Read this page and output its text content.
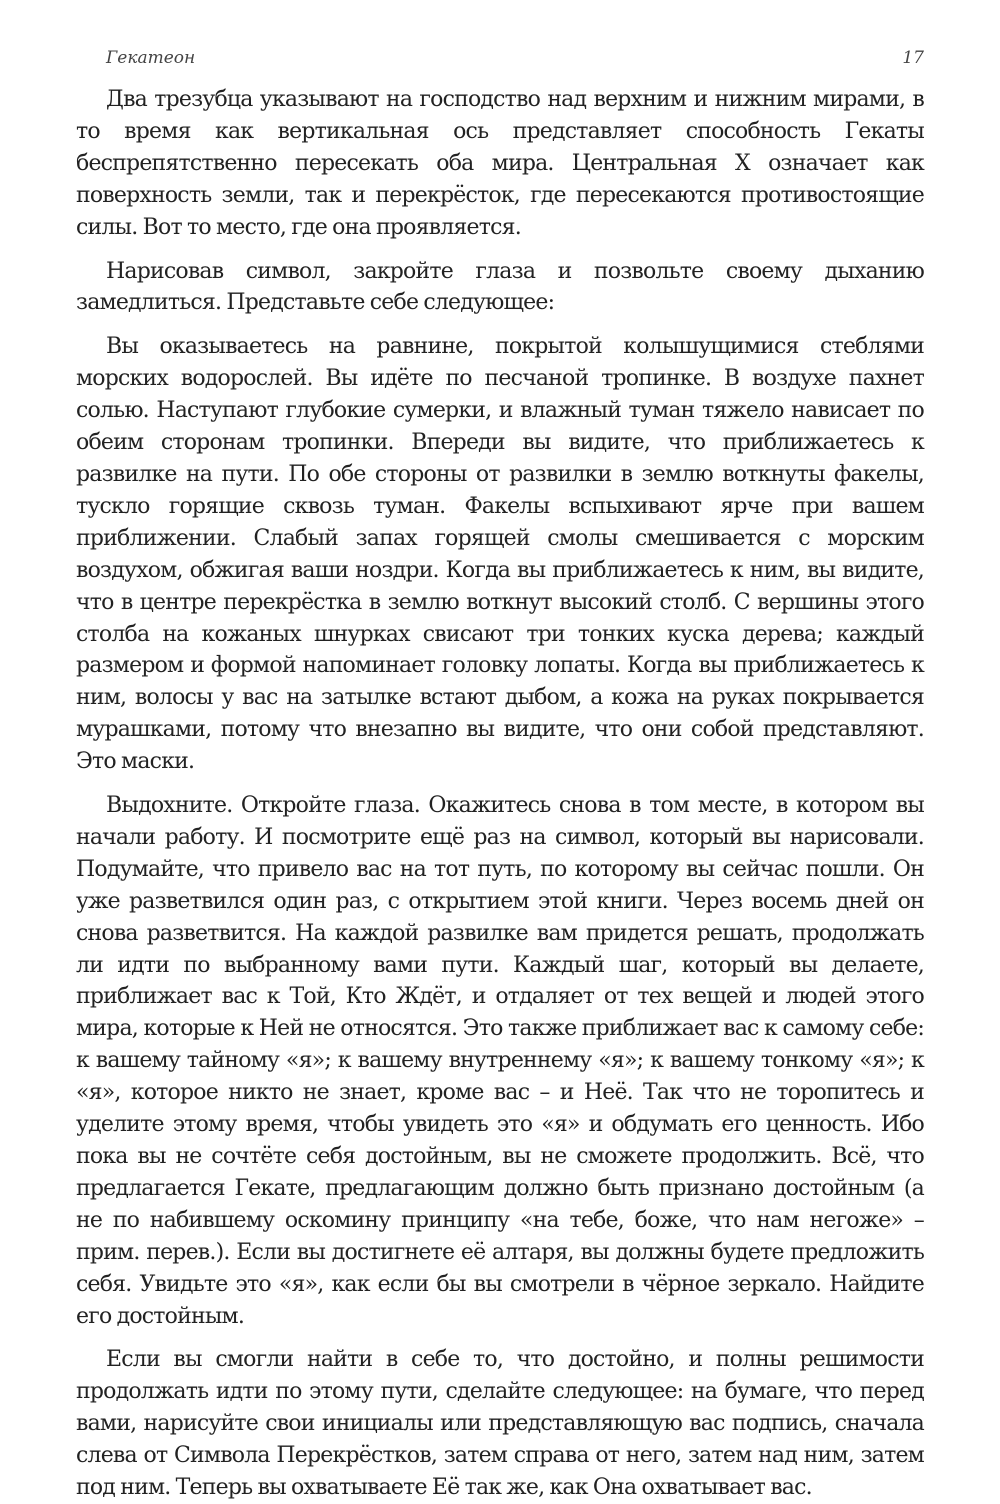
Гекатеон	17

Два трезубца указывают на господство над верхним и нижним мирами, в то время как вертикальная ось представляет способность Гекаты беспрепятственно пересекать оба мира. Центральная Х означает как поверхность земли, так и перекрёсток, где пересекаются противостоящие силы. Вот то место, где она проявляется.

Нарисовав символ, закройте глаза и позвольте своему дыханию замедлиться. Представьте себе следующее:

Вы оказываетесь на равнине, покрытой колышущимися стеблями морских водорослей. Вы идёте по песчаной тропинке. В воздухе пахнет солью. Наступают глубокие сумерки, и влажный туман тяжело нависает по обеим сторонам тропинки. Впереди вы видите, что приближаетесь к развилке на пути. По обе стороны от развилки в землю воткнуты факелы, тускло горящие сквозь туман. Факелы вспыхивают ярче при вашем приближении. Слабый запах горящей смолы смешивается с морским воздухом, обжигая ваши ноздри. Когда вы приближаетесь к ним, вы видите, что в центре перекрёстка в землю воткнут высокий столб. С вершины этого столба на кожаных шнурках свисают три тонких куска дерева; каждый размером и формой напоминает головку лопаты. Когда вы приближаетесь к ним, волосы у вас на затылке встают дыбом, а кожа на руках покрывается мурашками, потому что внезапно вы видите, что они собой представляют. Это маски.

Выдохните. Откройте глаза. Окажитесь снова в том месте, в котором вы начали работу. И посмотрите ещё раз на символ, который вы нарисовали. Подумайте, что привело вас на тот путь, по которому вы сейчас пошли. Он уже разветвился один раз, с открытием этой книги. Через восемь дней он снова разветвится. На каждой развилке вам придется решать, продолжать ли идти по выбранному вами пути. Каждый шаг, который вы делаете, приближает вас к Той, Кто Ждёт, и отдаляет от тех вещей и людей этого мира, которые к Ней не относятся. Это также приближает вас к самому себе: к вашему тайному «я»; к вашему внутреннему «я»; к вашему тонкому «я»; к «я», которое никто не знает, кроме вас – и Неё. Так что не торопитесь и уделите этому время, чтобы увидеть это «я» и обдумать его ценность. Ибо пока вы не сочтёте себя достойным, вы не сможете продолжить. Всё, что предлагается Гекате, предлагающим должно быть признано достойным (а не по набившему оскомину принципу «на тебе, боже, что нам негоже» – прим. перев.). Если вы достигнете её алтаря, вы должны будете предложить себя. Увидьте это «я», как если бы вы смотрели в чёрное зеркало. Найдите его достойным.

Если вы смогли найти в себе то, что достойно, и полны решимости продолжать идти по этому пути, сделайте следующее: на бумаге, что перед вами, нарисуйте свои инициалы или представляющую вас подпись, сначала слева от Символа Перекрёстков, затем справа от него, затем над ним, затем под ним. Теперь вы охватываете Её так же, как Она охватывает вас.
